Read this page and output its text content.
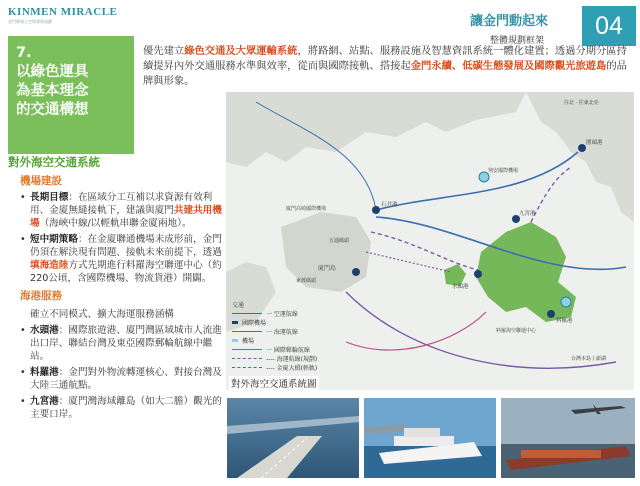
KINMEN MIRACLE
金門縣國土空間發展規劃	讓金門動起來
整體規劃框架
04
7.
以綠色運具
為基本理念
的交通構想
優先建立綠色交通及大眾運輸系統，將路網、站點、服務設施及智慧資訊系統一體化建置；透過分期分區持續提昇內外交通服務水準與效率，從而與國際接軌、搭接起金門永續、低碳生態發展及國際觀光旅遊島的品牌與形象。
廈門島
廈門高崎國際機場
翔安國際機場
石井港
圍頭港
水頭港
料羅港
九宮港
東渡碼頭
五通碼頭
料羅海空聯運中心
台灣本島 / 澎湖
往北 · 往東北亞
交通
一 空運航線
國際機場
一 海運航線
機場
一 國際郵輪航線
---- 海運航線(規劃)
---- 金廈大橋(輕軌)
對外海空交通系統圖
對外海空交通系統
機場建設
• 長期目標：在區域分工互補以求資源有效利用、金廈無縫接軌下，建議與廈門共建共用機場（海峽中線/以輕軌串聯金廈兩地）。
• 短中期策略：在金廈聯通機場未成形前，金門仍須在解決現有問題、接軌未來前提下，透過填海造陸方式先期進行料羅海空聯運中心（約220公頃，含國際機場、物流貨港）開闢。
海港服務
確立不同模式、擴大海運服務涵構
• 水頭港：國際旅遊港、廈門灣區域城市人流進出口岸、聯結台灣及東亞國際郵輪航線中繼站。
• 料羅港：金門對外物流轉運核心、對接台灣及大陸三通航點。
• 九宮港：廈門灣海域離島（如大二膽）觀光的主要口岸。
